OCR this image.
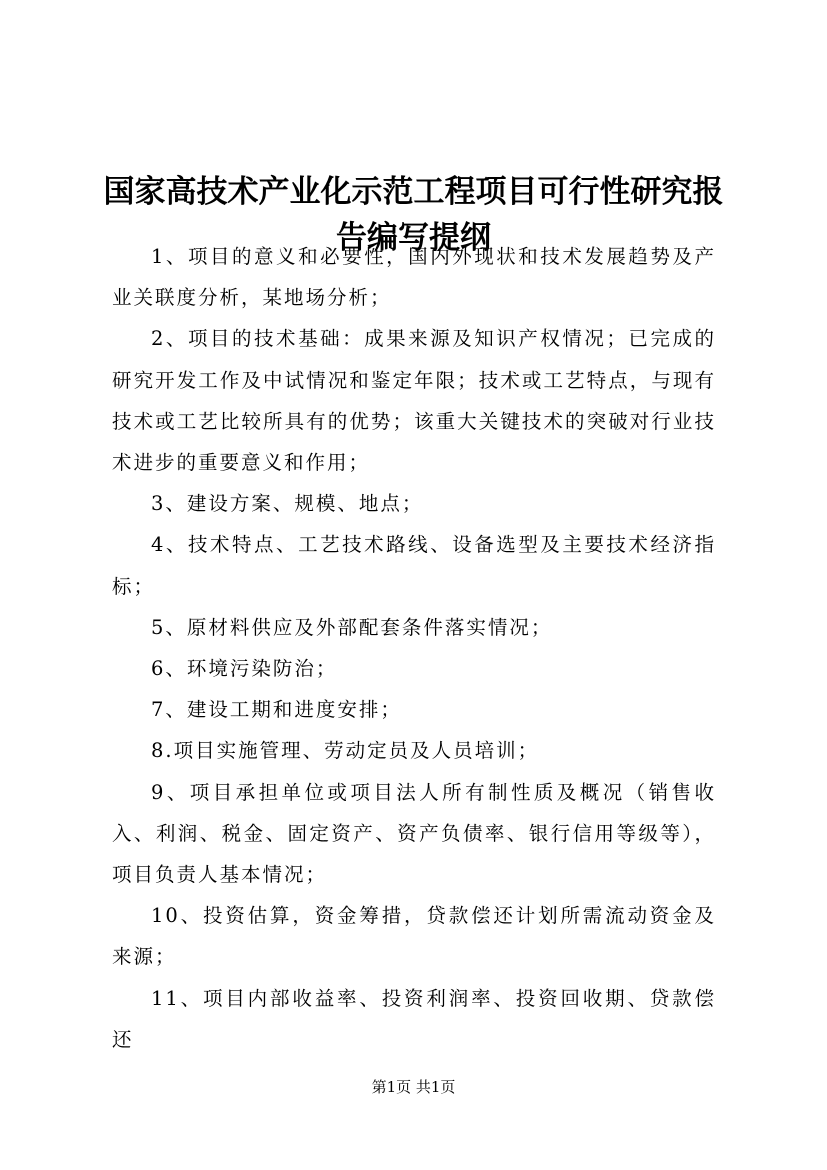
国家高技术产业化示范工程项目可行性研究报告编写提纲

1、项目的意义和必要性，国内外现状和技术发展趋势及产业关联度分析，某地场分析；

2、项目的技术基础：成果来源及知识产权情况；已完成的研究开发工作及中试情况和鉴定年限；技术或工艺特点，与现有技术或工艺比较所具有的优势；该重大关键技术的突破对行业技术进步的重要意义和作用；

3、建设方案、规模、地点；

4、技术特点、工艺技术路线、设备选型及主要技术经济指标；

5、原材料供应及外部配套条件落实情况；

6、环境污染防治；

7、建设工期和进度安排；

8.项目实施管理、劳动定员及人员培训；

9、项目承担单位或项目法人所有制性质及概况（销售收入、利润、税金、固定资产、资产负债率、银行信用等级等），项目负责人基本情况；

10、投资估算，资金筹措，贷款偿还计划所需流动资金及来源；

11、项目内部收益率、投资利润率、投资回收期、贷款偿还

第1页 共1页
